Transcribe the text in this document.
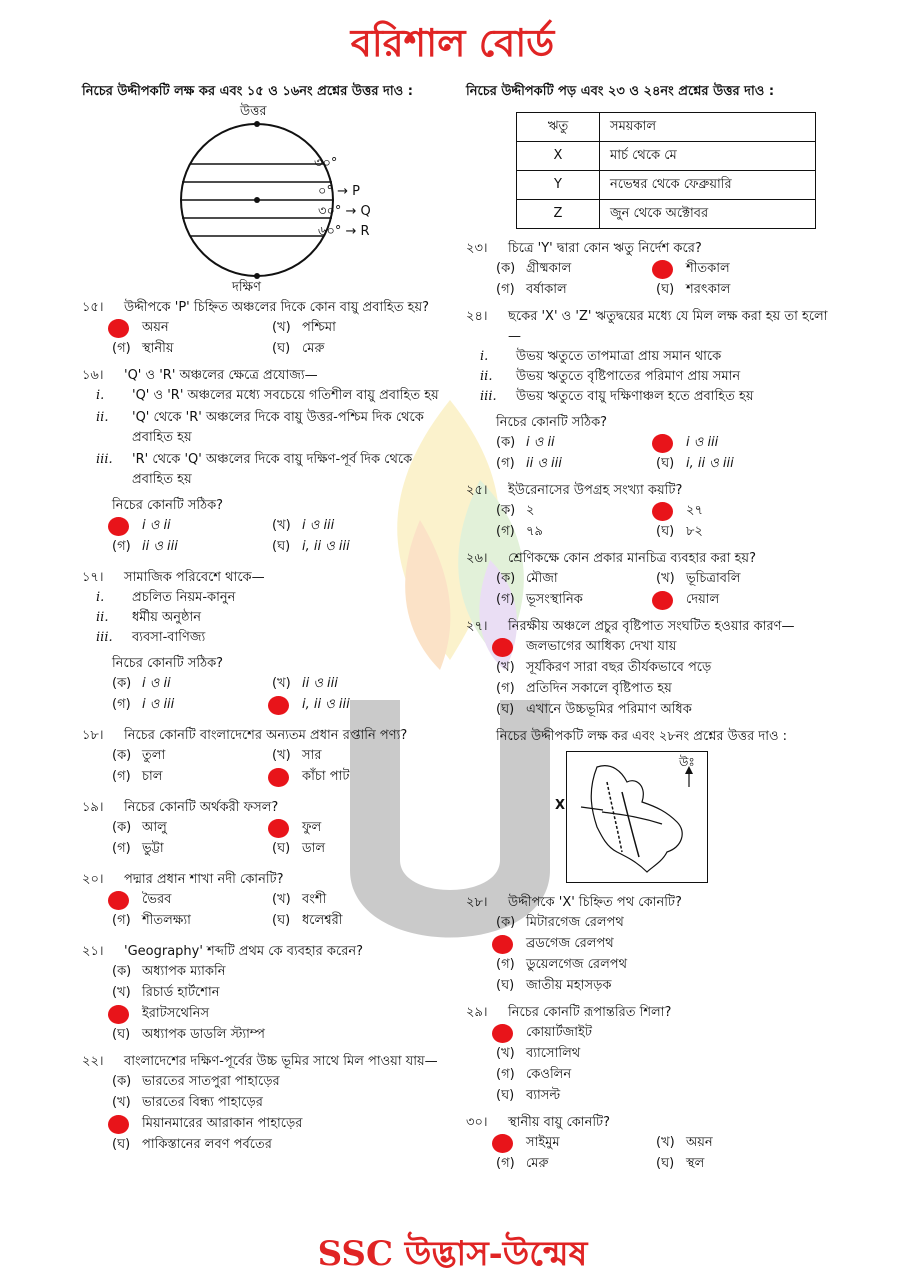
বরিশাল বোর্ড

নিচের উদ্দীপকটি লক্ষ কর এবং ১৫ ও ১৬নং প্রশ্নের উত্তর দাও :

উত্তর
৩০°
০° → P
৩০° → Q
৬০° → R
দক্ষিণ
১৫। উদ্দীপকে 'P' চিহ্নিত অঞ্চলের দিকে কোন বায়ু প্রবাহিত হয়?
অয়ন	(খ) পশ্চিমা
(গ) স্থানীয়	(ঘ) মেরু
১৬। 'Q' ও 'R' অঞ্চলের ক্ষেত্রে প্রযোজ্য—
i. 'Q' ও 'R' অঞ্চলের মধ্যে সবচেয়ে গতিশীল বায়ু প্রবাহিত হয়
ii. 'Q' থেকে 'R' অঞ্চলের দিকে বায়ু উত্তর-পশ্চিম দিক থেকে প্রবাহিত হয়
iii. 'R' থেকে 'Q' অঞ্চলের দিকে বায়ু দক্ষিণ-পূর্ব দিক থেকে প্রবাহিত হয়

নিচের কোনটি সঠিক?

i ও ii	(খ) i ও iii
(গ) ii ও iii	(ঘ) i, ii ও iii
১৭। সামাজিক পরিবেশে থাকে—
i. প্রচলিত নিয়ম-কানুন
ii. ধর্মীয় অনুষ্ঠান
iii. ব্যবসা-বাণিজ্য

নিচের কোনটি সঠিক?

(ক) i ও ii	(খ) ii ও iii
(গ) i ও iii	i, ii ও iii
১৮। নিচের কোনটি বাংলাদেশের অন্যতম প্রধান রপ্তানি পণ্য?
(ক) তুলা	(খ) সার
(গ) চাল	কাঁচা পাট
১৯। নিচের কোনটি অর্থকরী ফসল?
(ক) আলু	ফুল
(গ) ভুট্টা	(ঘ) ডাল
২০। পদ্মার প্রধান শাখা নদী কোনটি?
ভৈরব	(খ) বংশী
(গ) শীতলক্ষ্যা	(ঘ) ধলেশ্বরী
২১। 'Geography' শব্দটি প্রথম কে ব্যবহার করেন?
(ক) অধ্যাপক ম্যাকনি
(খ) রিচার্ড হার্টশোন
ইরাটসথেনিস
(ঘ) অধ্যাপক ডাডলি স্ট্যাম্প
২২। বাংলাদেশের দক্ষিণ-পূর্বের উচ্চ ভূমির সাথে মিল পাওয়া যায়—
(ক) ভারতের সাতপুরা পাহাড়ের
(খ) ভারতের বিন্ধ্য পাহাড়ের
মিয়ানমারের আরাকান পাহাড়ের
(ঘ) পাকিস্তানের লবণ পর্বতের

নিচের উদ্দীপকটি পড় এবং ২৩ ও ২৪নং প্রশ্নের উত্তর দাও :

ঋতু	সময়কাল
X	মার্চ থেকে মে
Y	নভেম্বর থেকে ফেব্রুয়ারি
Z	জুন থেকে অক্টোবর
২৩। চিত্রে 'Y' দ্বারা কোন ঋতু নির্দেশ করে?
(ক) গ্রীষ্মকাল	শীতকাল
(গ) বর্ষাকাল	(ঘ) শরৎকাল
২৪। ছকের 'X' ও 'Z' ঋতুদ্বয়ের মধ্যে যে মিল লক্ষ করা হয় তা হলো—
i. উভয় ঋতুতে তাপমাত্রা প্রায় সমান থাকে
ii. উভয় ঋতুতে বৃষ্টিপাতের পরিমাণ প্রায় সমান
iii. উভয় ঋতুতে বায়ু দক্ষিণাঞ্চল হতে প্রবাহিত হয়

নিচের কোনটি সঠিক?

(ক) i ও ii	i ও iii
(গ) ii ও iii	(ঘ) i, ii ও iii
২৫। ইউরেনাসের উপগ্রহ সংখ্যা কয়টি?
(ক) ২	২৭
(গ) ৭৯	(ঘ) ৮২
২৬। শ্রেণিকক্ষে কোন প্রকার মানচিত্র ব্যবহার করা হয়?
(ক) মৌজা	(খ) ভূচিত্রাবলি
(গ) ভূসংস্থানিক	দেয়াল
২৭। নিরক্ষীয় অঞ্চলে প্রচুর বৃষ্টিপাত সংঘটিত হওয়ার কারণ—
জলভাগের আধিক্য দেখা যায়
(খ) সূর্যকিরণ সারা বছর তীর্যকভাবে পড়ে
(গ) প্রতিদিন সকালে বৃষ্টিপাত হয়
(ঘ) এখানে উচ্চভূমির পরিমাণ অধিক

নিচের উদ্দীপকটি লক্ষ কর এবং ২৮নং প্রশ্নের উত্তর দাও :

X
উঃ
২৮। উদ্দীপকে 'X' চিহ্নিত পথ কোনটি?
(ক) মিটারগেজ রেলপথ
ব্রডগেজ রেলপথ
(গ) ডুয়েলগেজ রেলপথ
(ঘ) জাতীয় মহাসড়ক
২৯। নিচের কোনটি রূপান্তরিত শিলা?
কোয়ার্টজাইট
(খ) ব্যাসোলিথ
(গ) কেওলিন
(ঘ) ব্যাসল্ট
৩০। স্থানীয় বায়ু কোনটি?
সাইমুম	(খ) অয়ন
(গ) মেরু	(ঘ) স্থল
SSC উদ্ভাস-উন্মেষ
